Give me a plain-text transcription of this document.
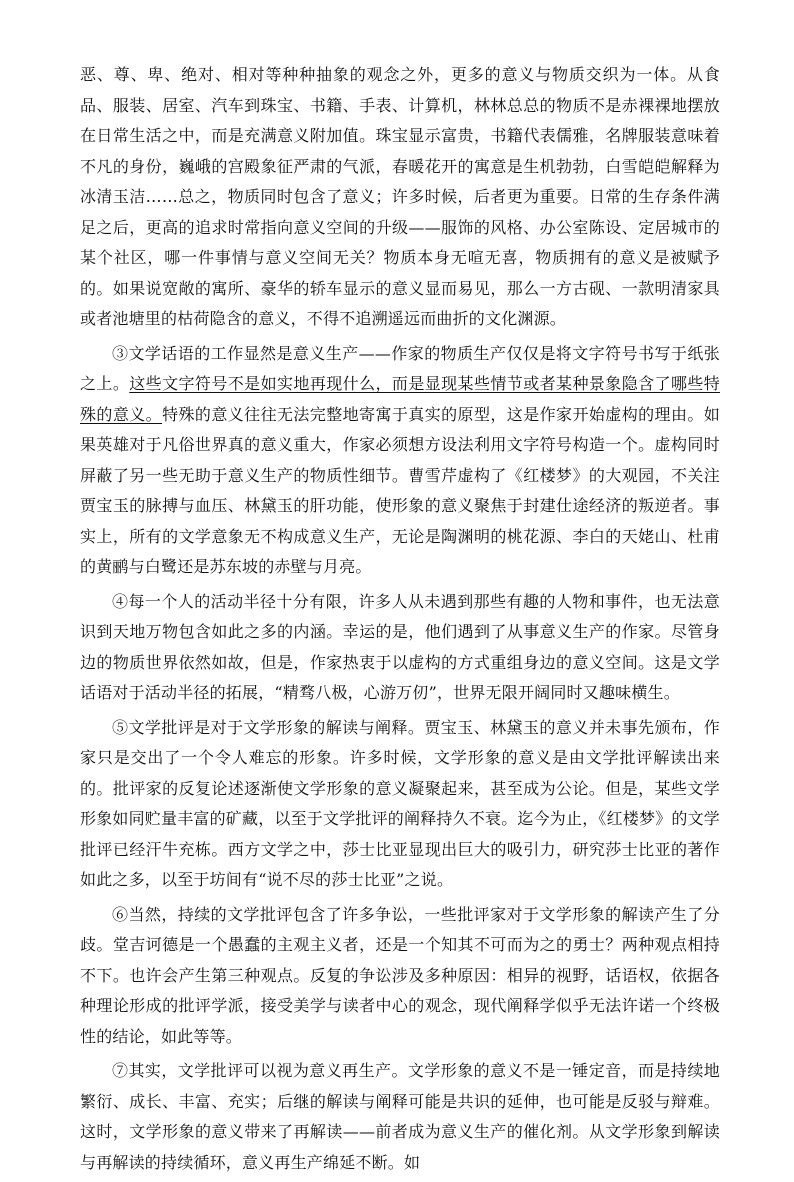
恶、尊、卑、绝对、相对等种种抽象的观念之外，更多的意义与物质交织为一体。从食品、服装、居室、汽车到珠宝、书籍、手表、计算机，林林总总的物质不是赤裸裸地摆放在日常生活之中，而是充满意义附加值。珠宝显示富贵，书籍代表儒雅，名牌服装意味着不凡的身份，巍峨的宫殿象征严肃的气派，春暖花开的寓意是生机勃勃，白雪皑皑解释为冰清玉洁……总之，物质同时包含了意义；许多时候，后者更为重要。日常的生存条件满足之后，更高的追求时常指向意义空间的升级——服饰的风格、办公室陈设、定居城市的某个社区，哪一件事情与意义空间无关？物质本身无喧无喜，物质拥有的意义是被赋予的。如果说宽敞的寓所、豪华的轿车显示的意义显而易见，那么一方古砚、一款明清家具或者池塘里的枯荷隐含的意义，不得不追溯遥远而曲折的文化渊源。

③文学话语的工作显然是意义生产——作家的物质生产仅仅是将文字符号书写于纸张之上。这些文字符号不是如实地再现什么，而是显现某些情节或者某种景象隐含了哪些特殊的意义。特殊的意义往往无法完整地寄寓于真实的原型，这是作家开始虚构的理由。如果英雄对于凡俗世界真的意义重大，作家必须想方设法利用文字符号构造一个。虚构同时屏蔽了另一些无助于意义生产的物质性细节。曹雪芹虚构了《红楼梦》的大观园，不关注贾宝玉的脉搏与血压、林黛玉的肝功能，使形象的意义聚焦于封建仕途经济的叛逆者。事实上，所有的文学意象无不构成意义生产，无论是陶渊明的桃花源、李白的天姥山、杜甫的黄鹂与白鹭还是苏东坡的赤壁与月亮。

④每一个人的活动半径十分有限，许多人从未遇到那些有趣的人物和事件，也无法意识到天地万物包含如此之多的内涵。幸运的是，他们遇到了从事意义生产的作家。尽管身边的物质世界依然如故，但是，作家热衷于以虚构的方式重组身边的意义空间。这是文学话语对于活动半径的拓展，“精骛八极，心游万仞”，世界无限开阔同时又趣味横生。

⑤文学批评是对于文学形象的解读与阐释。贾宝玉、林黛玉的意义并未事先颁布，作家只是交出了一个令人难忘的形象。许多时候，文学形象的意义是由文学批评解读出来的。批评家的反复论述逐渐使文学形象的意义凝聚起来，甚至成为公论。但是，某些文学形象如同贮量丰富的矿藏，以至于文学批评的阐释持久不衰。迄今为止，《红楼梦》的文学批评已经汗牛充栋。西方文学之中，莎士比亚显现出巨大的吸引力，研究莎士比亚的著作如此之多，以至于坊间有“说不尽的莎士比亚”之说。

⑥当然，持续的文学批评包含了许多争讼，一些批评家对于文学形象的解读产生了分歧。堂吉诃德是一个愚蠢的主观主义者，还是一个知其不可而为之的勇士？两种观点相持不下。也许会产生第三种观点。反复的争讼涉及多种原因：相异的视野，话语权，依据各种理论形成的批评学派，接受美学与读者中心的观念，现代阐释学似乎无法许诺一个终极性的结论，如此等等。

⑦其实，文学批评可以视为意义再生产。文学形象的意义不是一锤定音，而是持续地繁衍、成长、丰富、充实；后继的解读与阐释可能是共识的延伸，也可能是反驳与辩难。这时，文学形象的意义带来了再解读——前者成为意义生产的催化剂。从文学形象到解读与再解读的持续循环，意义再生产绵延不断。如
